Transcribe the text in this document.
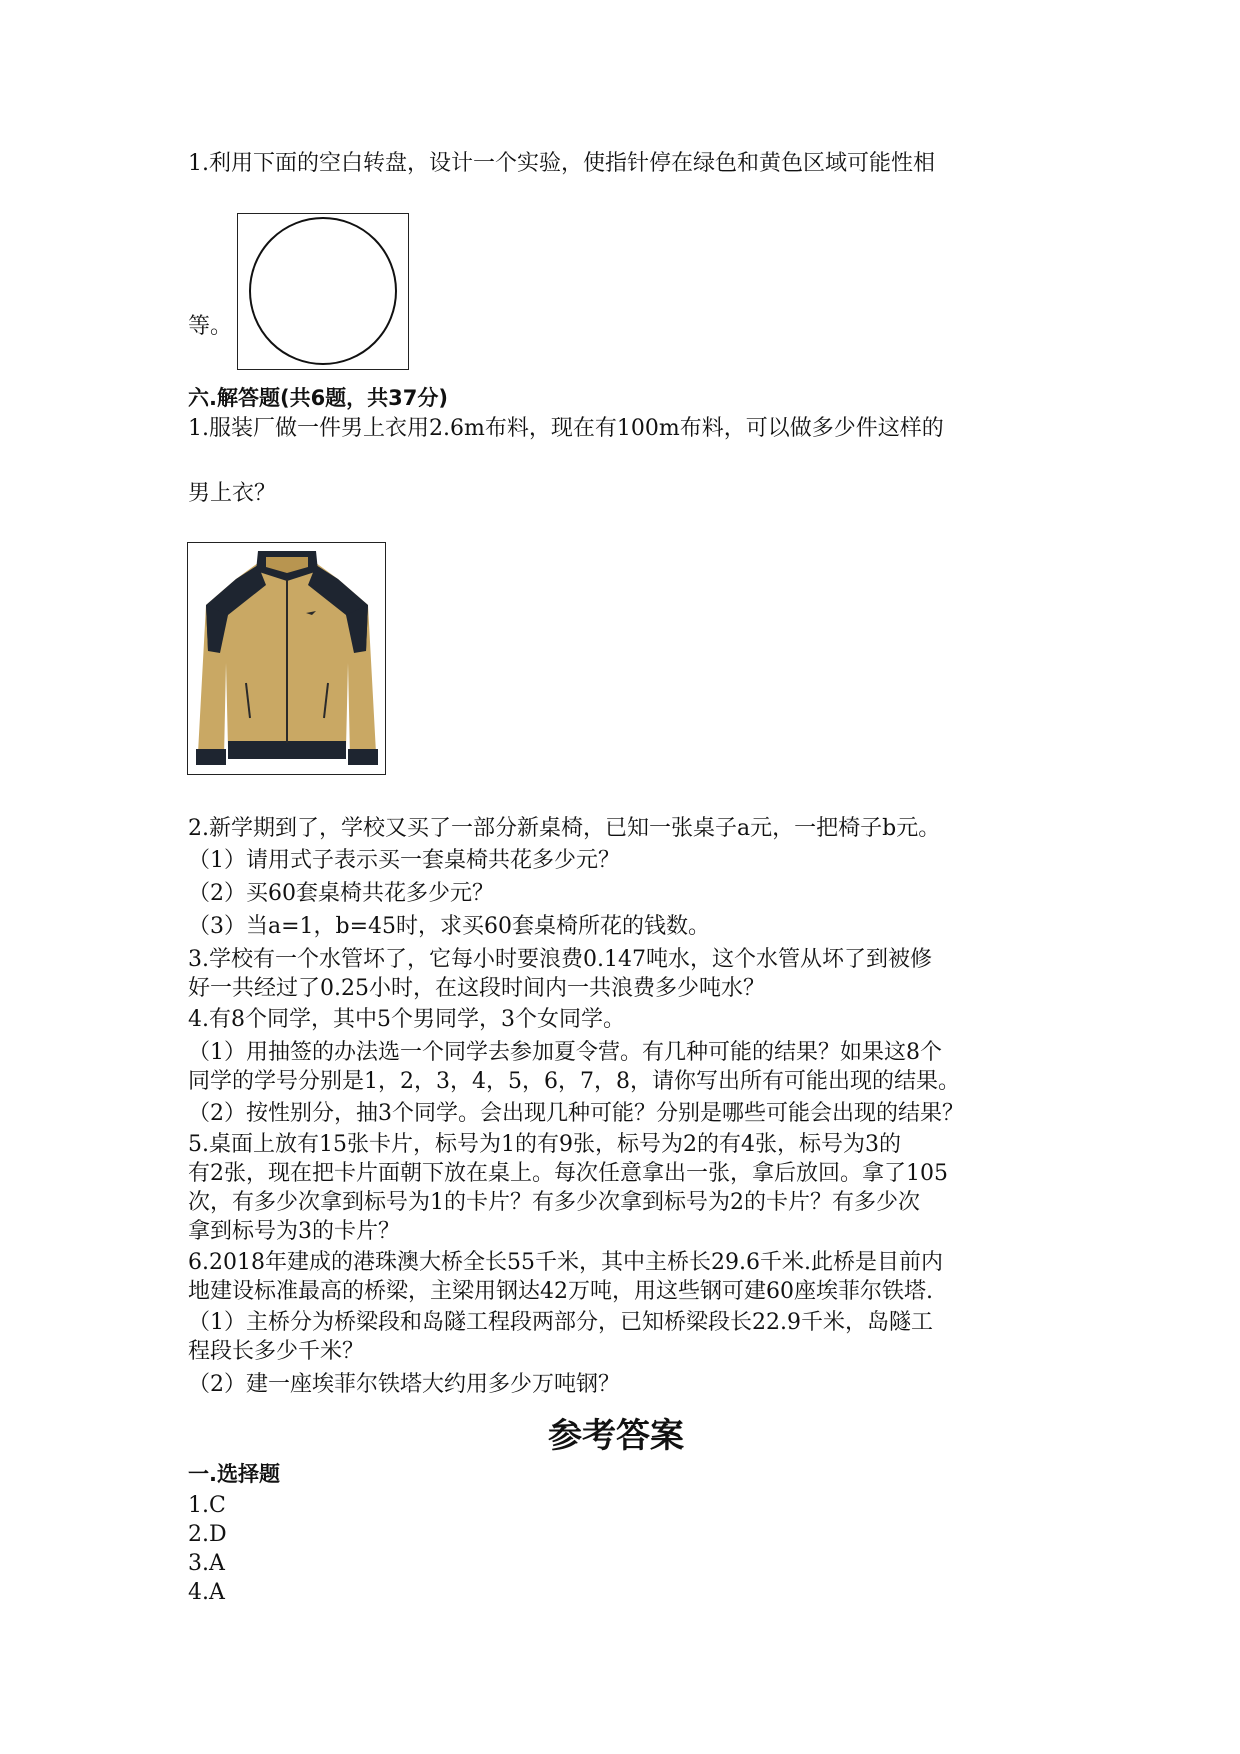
1.利用下面的空白转盘，设计一个实验，使指针停在绿色和黄色区域可能性相
等。
六.解答题(共6题，共37分)
1.服装厂做一件男上衣用2.6m布料，现在有100m布料，可以做多少件这样的
男上衣？
2.新学期到了，学校又买了一部分新桌椅，已知一张桌子a元，一把椅子b元。
（1）请用式子表示买一套桌椅共花多少元？
（2）买60套桌椅共花多少元？
（3）当a=1，b=45时，求买60套桌椅所花的钱数。
3.学校有一个水管坏了，它每小时要浪费0.147吨水，这个水管从坏了到被修
好一共经过了0.25小时，在这段时间内一共浪费多少吨水？
4.有8个同学，其中5个男同学，3个女同学。
（1）用抽签的办法选一个同学去参加夏令营。有几种可能的结果？如果这8个
同学的学号分别是1，2，3，4，5，6，7，8，请你写出所有可能出现的结果。
（2）按性别分，抽3个同学。会出现几种可能？分别是哪些可能会出现的结果？
5.桌面上放有15张卡片，标号为1的有9张，标号为2的有4张，标号为3的
有2张，现在把卡片面朝下放在桌上。每次任意拿出一张，拿后放回。拿了105
次，有多少次拿到标号为1的卡片？有多少次拿到标号为2的卡片？有多少次
拿到标号为3的卡片？
6.2018年建成的港珠澳大桥全长55千米，其中主桥长29.6千米.此桥是目前内
地建设标准最高的桥梁，主梁用钢达42万吨，用这些钢可建60座埃菲尔铁塔.
（1）主桥分为桥梁段和岛隧工程段两部分，已知桥梁段长22.9千米，岛隧工
程段长多少千米？
（2）建一座埃菲尔铁塔大约用多少万吨钢？
参考答案
一.选择题
1.C
2.D
3.A
4.A
